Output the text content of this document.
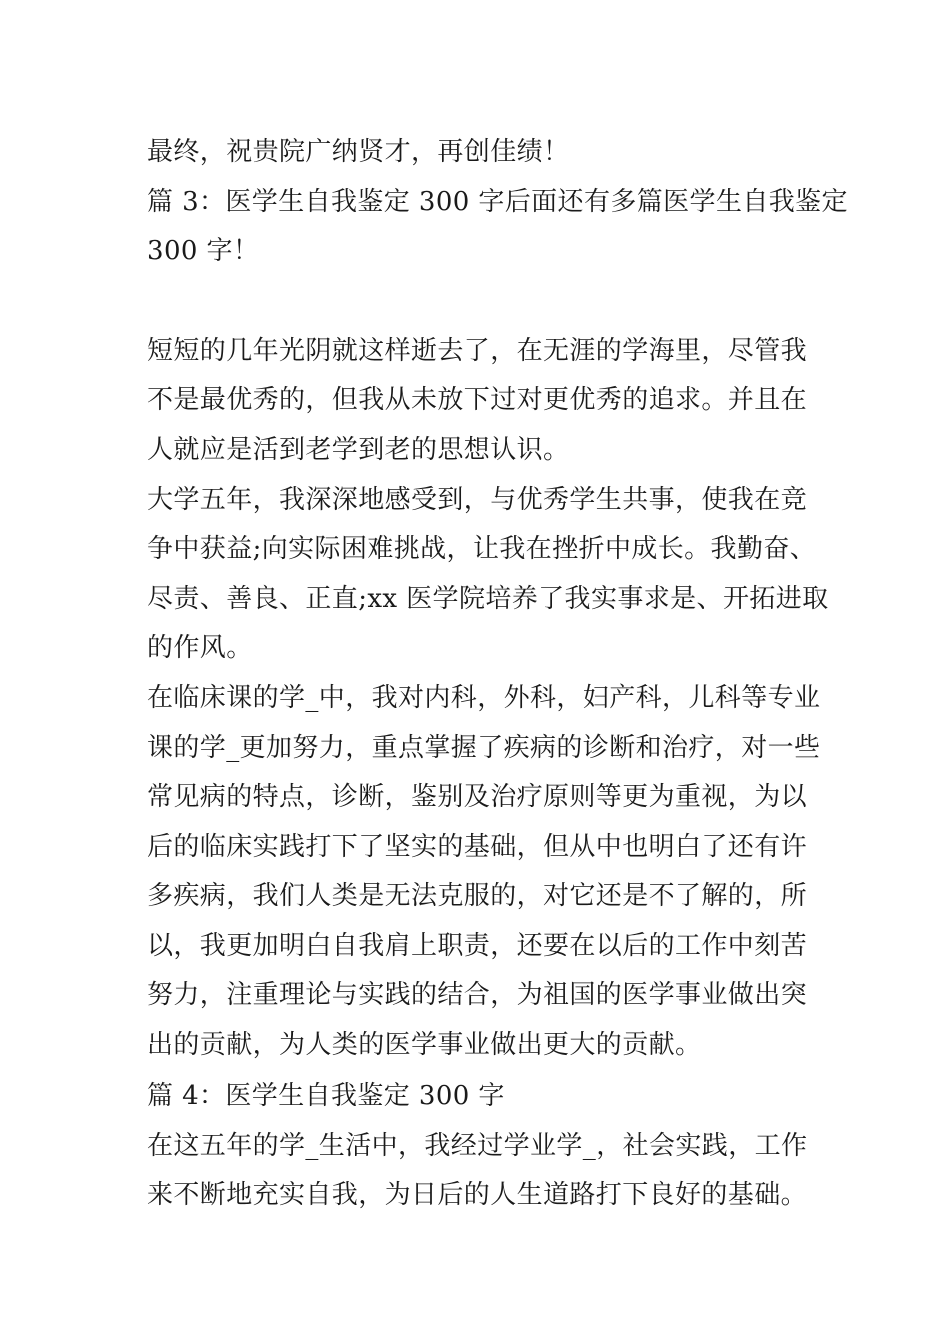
最终，祝贵院广纳贤才，再创佳绩！
篇 3：医学生自我鉴定 300 字后面还有多篇医学生自我鉴定
300 字！
短短的几年光阴就这样逝去了，在无涯的学海里，尽管我
不是最优秀的，但我从未放下过对更优秀的追求。并且在
人就应是活到老学到老的思想认识。
大学五年，我深深地感受到，与优秀学生共事，使我在竞
争中获益;向实际困难挑战，让我在挫折中成长。我勤奋、
尽责、善良、正直;xx 医学院培养了我实事求是、开拓进取
的作风。
在临床课的学_中，我对内科，外科，妇产科，儿科等专业
课的学_更加努力，重点掌握了疾病的诊断和治疗，对一些
常见病的特点，诊断，鉴别及治疗原则等更为重视，为以
后的临床实践打下了坚实的基础，但从中也明白了还有许
多疾病，我们人类是无法克服的，对它还是不了解的，所
以，我更加明白自我肩上职责，还要在以后的工作中刻苦
努力，注重理论与实践的结合，为祖国的医学事业做出突
出的贡献，为人类的医学事业做出更大的贡献。
篇 4：医学生自我鉴定 300 字
在这五年的学_生活中，我经过学业学_，社会实践，工作
来不断地充实自我，为日后的人生道路打下良好的基础。
